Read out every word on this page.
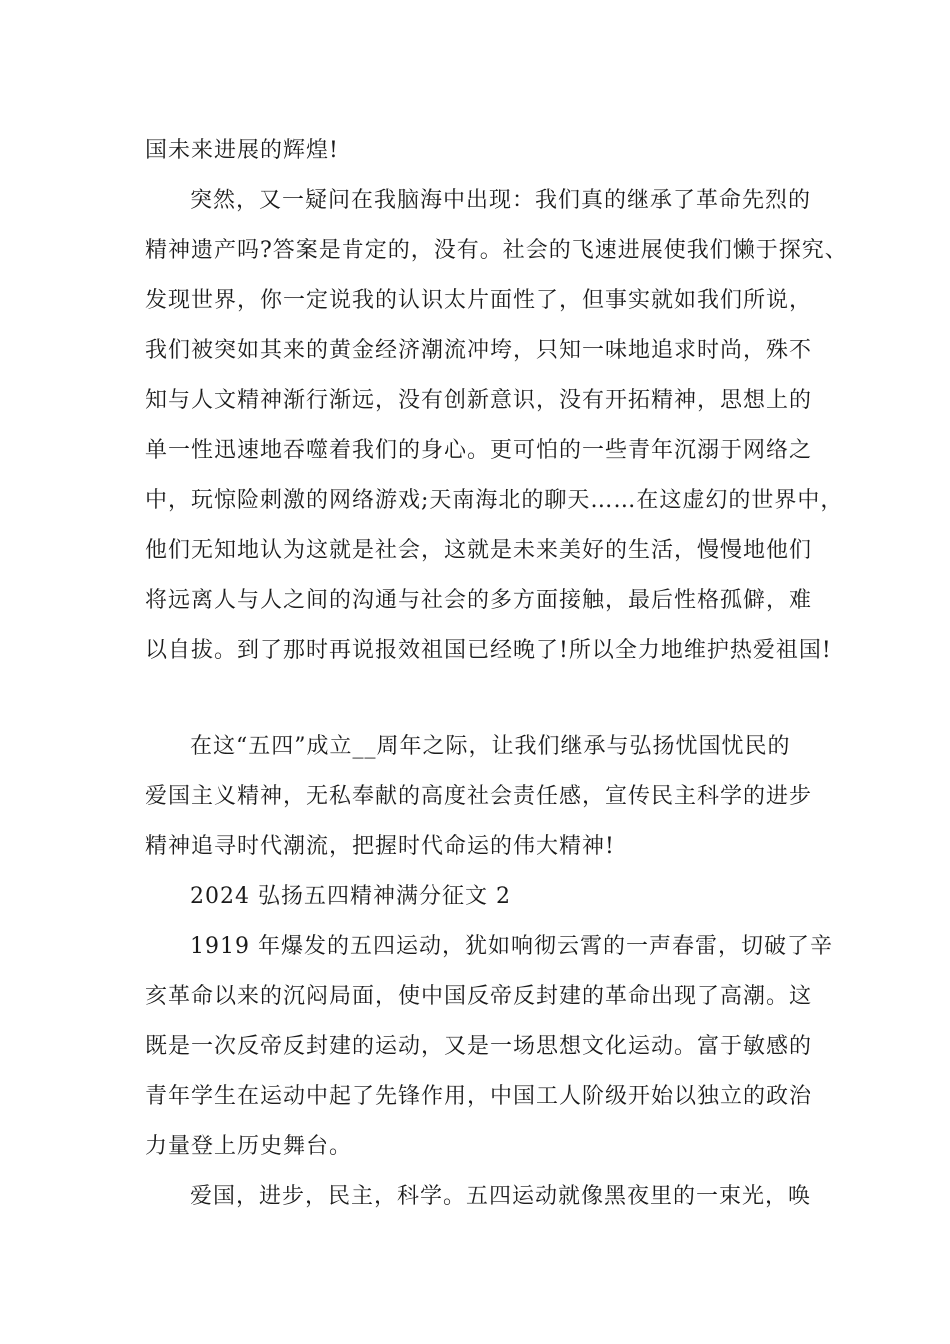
国未来进展的辉煌!
突然，又一疑问在我脑海中出现：我们真的继承了革命先烈的
精神遗产吗?答案是肯定的，没有。社会的飞速进展使我们懒于探究、
发现世界，你一定说我的认识太片面性了，但事实就如我们所说，
我们被突如其来的黄金经济潮流冲垮，只知一味地追求时尚，殊不
知与人文精神渐行渐远，没有创新意识，没有开拓精神，思想上的
单一性迅速地吞噬着我们的身心。更可怕的一些青年沉溺于网络之
中，玩惊险刺激的网络游戏;天南海北的聊天……在这虚幻的世界中，
他们无知地认为这就是社会，这就是未来美好的生活，慢慢地他们
将远离人与人之间的沟通与社会的多方面接触，最后性格孤僻，难
以自拔。到了那时再说报效祖国已经晚了!所以全力地维护热爱祖国!
在这“五四”成立__周年之际，让我们继承与弘扬忧国忧民的
爱国主义精神，无私奉献的高度社会责任感，宣传民主科学的进步
精神追寻时代潮流，把握时代命运的伟大精神!
2024 弘扬五四精神满分征文 2
1919 年爆发的五四运动，犹如响彻云霄的一声春雷，切破了辛
亥革命以来的沉闷局面，使中国反帝反封建的革命出现了高潮。这
既是一次反帝反封建的运动，又是一场思想文化运动。富于敏感的
青年学生在运动中起了先锋作用，中国工人阶级开始以独立的政治
力量登上历史舞台。
爱国，进步，民主，科学。五四运动就像黑夜里的一束光，唤
